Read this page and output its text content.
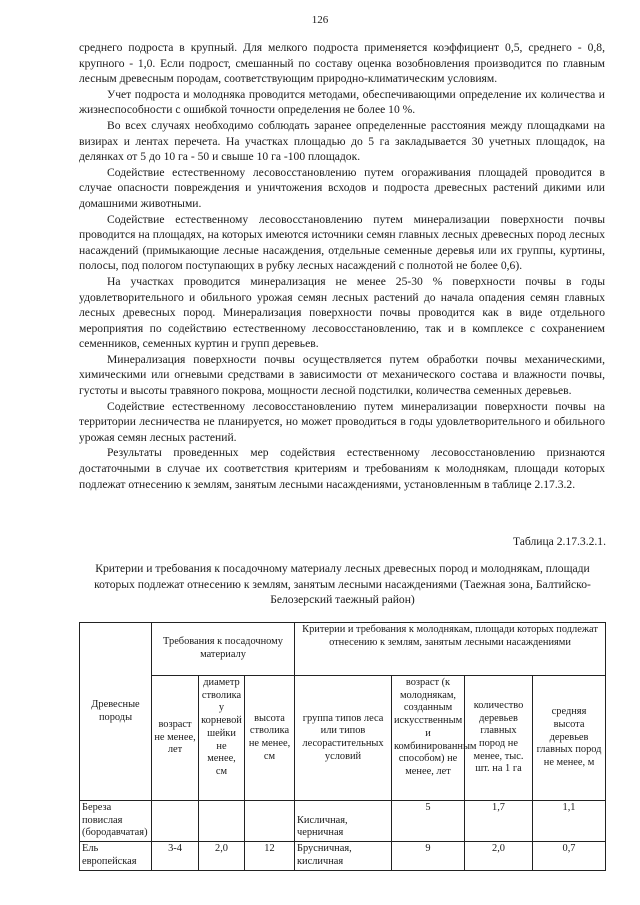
126

среднего подроста в крупный. Для мелкого подроста применяется коэффициент 0,5, среднего - 0,8, крупного - 1,0. Если подрост, смешанный по составу оценка возобновления производится по главным лесным древесным породам, соответствующим природно-климатическим условиям.

Учет подроста и молодняка проводится методами, обеспечивающими определение их количества и жизнеспособности с ошибкой точности определения не более 10 %.

Во всех случаях необходимо соблюдать заранее определенные расстояния между площадками на визирах и лентах перечета. На участках площадью до 5 га закладывается 30 учетных площадок, на делянках от 5 до 10 га - 50 и свыше 10 га -100 площадок.

Содействие естественному лесовосстановлению путем огораживания площадей проводится в случае опасности повреждения и уничтожения всходов и подроста древесных растений дикими или домашними животными.

Содействие естественному лесовосстановлению путем минерализации поверхности почвы проводится на площадях, на которых имеются источники семян главных лесных древесных пород лесных насаждений (примыкающие лесные насаждения, отдельные семенные деревья или их группы, куртины, полосы, под пологом поступающих в рубку лесных насаждений с полнотой не более 0,6).

На участках проводится минерализация не менее 25-30 % поверхности почвы в годы удовлетворительного и обильного урожая семян лесных растений до начала опадения семян главных лесных древесных пород. Минерализация поверхности почвы проводится как в виде отдельного мероприятия по содействию естественному лесовосстановлению, так и в комплексе с сохранением семенников, семенных куртин и групп деревьев.

Минерализация поверхности почвы осуществляется путем обработки почвы механическими, химическими или огневыми средствами в зависимости от механического состава и влажности почвы, густоты и высоты травяного покрова, мощности лесной подстилки, количества семенных деревьев.

Содействие естественному лесовосстановлению путем минерализации поверхности почвы на территории лесничества не планируется, но может проводиться в годы удовлетворительного и обильного урожая семян лесных растений.

Результаты проведенных мер содействия естественному лесовосстановлению признаются достаточными в случае их соответствия критериям и требованиям к молоднякам, площади которых подлежат отнесению к землям, занятым лесными насаждениями, установленным в таблице 2.17.3.2.

Таблица 2.17.3.2.1.
Критерии и требования к посадочному материалу лесных древесных пород и молоднякам, площади которых подлежат отнесению к землям, занятым лесными насаждениями (Таежная зона, Балтийско-Белозерский таежный район)
Древесные породы	Требования к посадочному материалу			Критерии и требования к молоднякам, площади которых подлежат отнесению к землям, занятым лесными насаждениями			
	возраст не менее, лет	диаметр стволика у корневой шейки не менее, см	высота стволика не менее, см	группа типов леса или типов лесорастительных условий	возраст (к молоднякам, созданным искусственным и комбинированным способом) не менее, лет	количество деревьев главных пород не менее, тыс. шт. на 1 га	средняя высота деревьев главных пород не менее, м
Береза повислая (бородавчатая)				Кисличная, черничная	5	1,7	1,1
Ель европейская	3-4	2,0	12	Брусничная, кисличная	9	2,0	0,7
